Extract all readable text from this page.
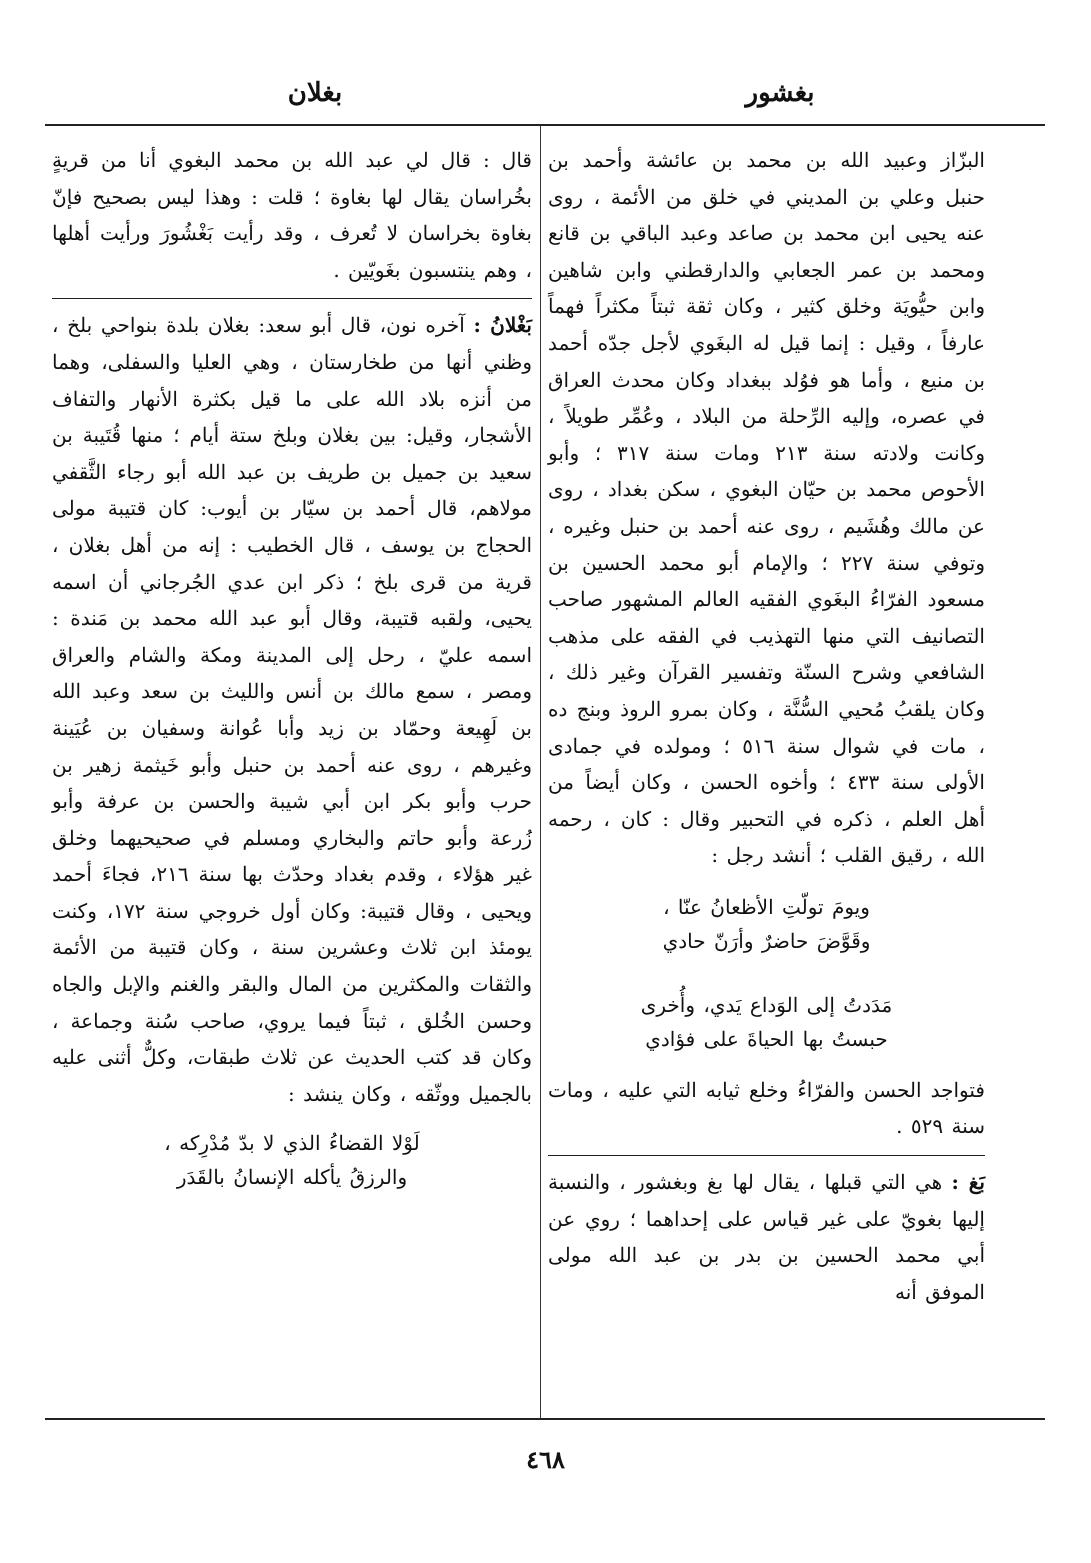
بغشور
بغلان

البزّاز وعبيد الله بن محمد بن عائشة وأحمد بن حنبل وعلي بن المديني في خلق من الأئمة ، روى عنه يحيى ابن محمد بن صاعد وعبد الباقي بن قانع ومحمد بن عمر الجعابي والدارقطني وابن شاهين وابن حيُّويَة وخلق كثير ، وكان ثقة ثبتاً مكثراً فهماً عارفاً ، وقيل : إنما قيل له البغَوي لأجل جدّه أحمد بن منيع ، وأما هو فوُلد ببغداد وكان محدث العراق في عصره، وإليه الرِّحلة من البلاد ، وعُمِّر طويلاً ، وكانت ولادته سنة ٢١٣ ومات سنة ٣١٧ ؛ وأبو الأحوص محمد بن حيّان البغوي ، سكن بغداد ، روى عن مالك وهُشَيم ، روى عنه أحمد بن حنبل وغيره ، وتوفي سنة ٢٢٧ ؛ والإمام أبو محمد الحسين بن مسعود الفرّاءُ البغَوي الفقيه العالم المشهور صاحب التصانيف التي منها التهذيب في الفقه على مذهب الشافعي وشرح السنّة وتفسير القرآن وغير ذلك ، وكان يلقبُ مُحيي السُّنَّة ، وكان بمرو الروذ وبنج ده ، مات في شوال سنة ٥١٦ ؛ ومولده في جمادى الأولى سنة ٤٣٣ ؛ وأخوه الحسن ، وكان أيضاً من أهل العلم ، ذكره في التحبير وقال : كان ، رحمه الله ، رقيق القلب ؛ أنشد رجل :

ويومَ تولّتِ الأظعانُ عنّا ،

وقَوَّضَ حاضرٌ وأرَنّ حادي

مَدَدتُ إلى الوَداع يَدي، وأُخرى

حبستُ بها الحياةَ على فؤادي

فتواجد الحسن والفرّاءُ وخلع ثيابه التي عليه ، ومات سنة ٥٢٩ .

بَغ : هي التي قبلها ، يقال لها بغ وبغشور ، والنسبة إليها بغويّ على غير قياس على إحداهما ؛ روي عن أبي محمد الحسين بن بدر بن عبد الله مولى الموفق أنه

قال : قال لي عبد الله بن محمد البغوي أنا من قريةٍ بخُراسان يقال لها بغاوة ؛ قلت : وهذا ليس بصحيح فإنّ بغاوة بخراسان لا تُعرف ، وقد رأيت بَغْشُورَ ورأيت أهلها ، وهم ينتسبون بغَويّين .

بَغْلانُ : آخره نون، قال أبو سعد: بغلان بلدة بنواحي بلخ ، وظني أنها من طخارستان ، وهي العليا والسفلى، وهما من أنزه بلاد الله على ما قيل بكثرة الأنهار والتفاف الأشجار، وقيل: بين بغلان وبلخ ستة أيام ؛ منها قُتَيبة بن سعيد بن جميل بن طريف بن عبد الله أبو رجاء الثَّقفي مولاهم، قال أحمد بن سيّار بن أيوب: كان قتيبة مولى الحجاج بن يوسف ، قال الخطيب : إنه من أهل بغلان ، قرية من قرى بلخ ؛ ذكر ابن عدي الجُرجاني أن اسمه يحيى، ولقبه قتيبة، وقال أبو عبد الله محمد بن مَندة : اسمه عليّ ، رحل إلى المدينة ومكة والشام والعراق ومصر ، سمع مالك بن أنس والليث بن سعد وعبد الله بن لَهِيعة وحمّاد بن زيد وأبا عُوانة وسفيان بن عُيَينة وغيرهم ، روى عنه أحمد بن حنبل وأبو خَيثمة زهير بن حرب وأبو بكر ابن أبي شيبة والحسن بن عرفة وأبو زُرعة وأبو حاتم والبخاري ومسلم في صحيحيهما وخلق غير هؤلاء ، وقدم بغداد وحدّث بها سنة ٢١٦، فجاءَ أحمد ويحيى ، وقال قتيبة: وكان أول خروجي سنة ١٧٢، وكنت يومئذ ابن ثلاث وعشرين سنة ، وكان قتيبة من الأئمة والثقات والمكثرين من المال والبقر والغنم والإبل والجاه وحسن الخُلق ، ثبتاً فيما يروي، صاحب سُنة وجماعة ، وكان قد كتب الحديث عن ثلاث طبقات، وكلٌّ أثنى عليه بالجميل ووثّقه ، وكان ينشد :

لَوْلا القضاءُ الذي لا بدّ مُدْرِكه ،

والرزقُ يأكله الإنسانُ بالقَدَر

٤٦٨
